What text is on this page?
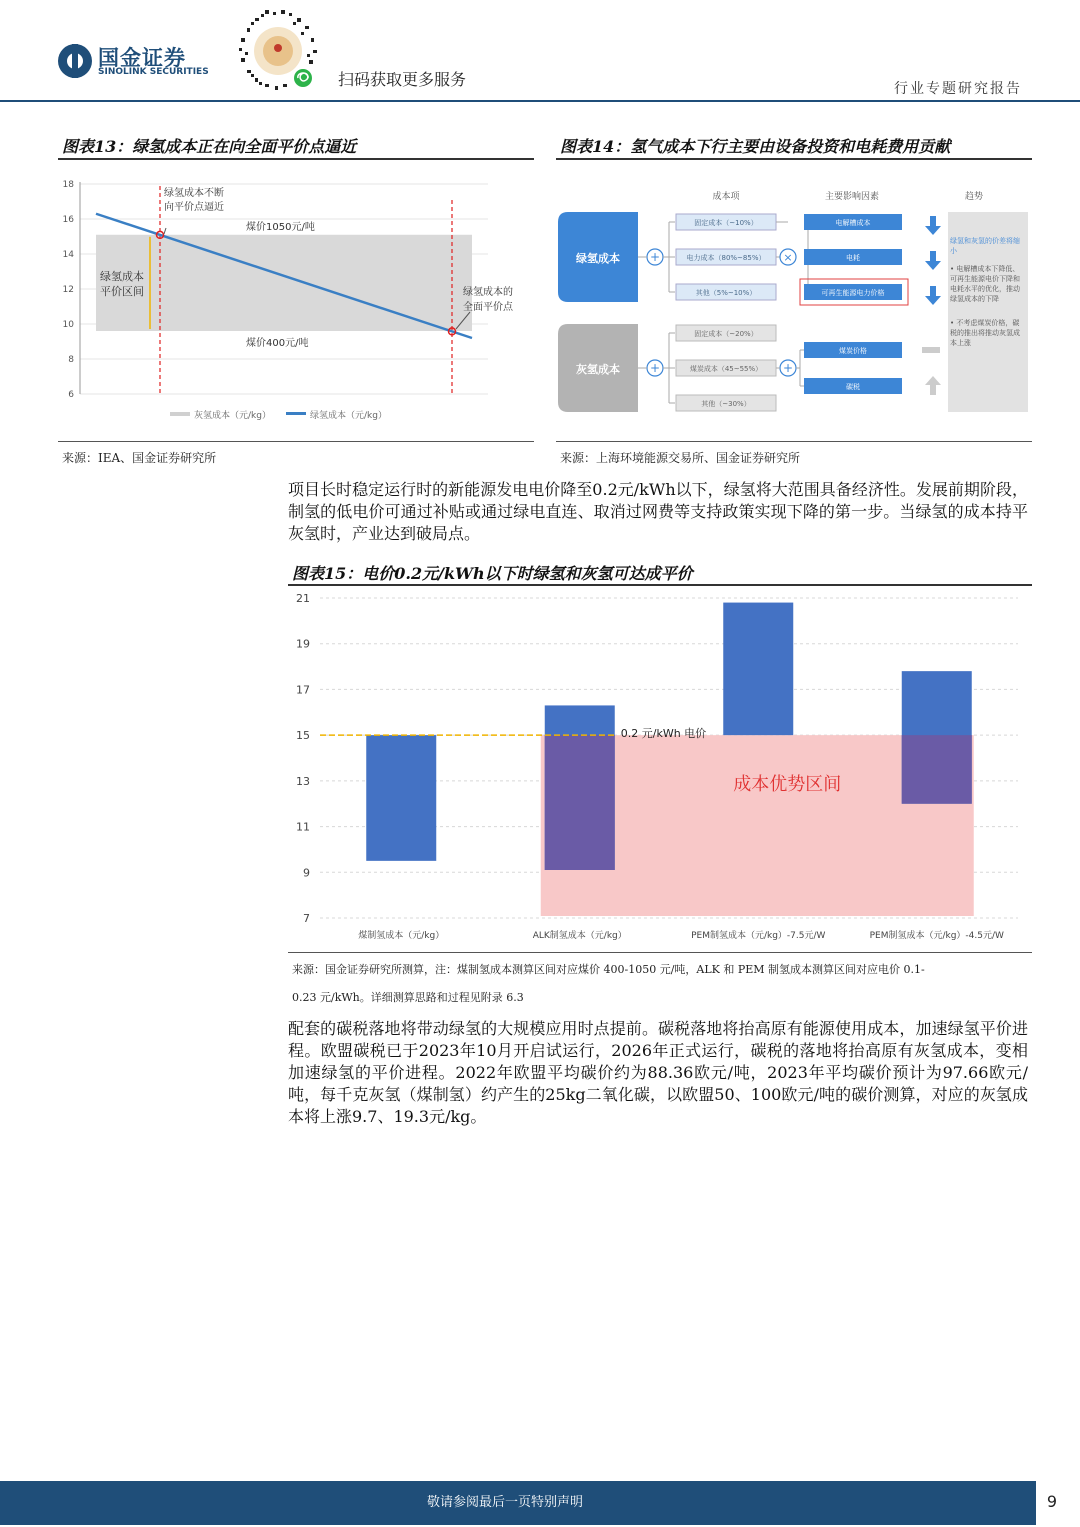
国金证券
SINOLINK SECURITIES	扫码获取更多服务	行业专题研究报告
图表13：绿氢成本正在向全面平价点逼近
18
16
14
12
10
8
6
绿氢成本不断
向平价点逼近
煤价1050元/吨
煤价400元/吨
绿氢成本
平价区间	绿氢成本的
全面平价点
灰氢成本（元/kg）	绿氢成本（元/kg）
来源：IEA、国金证券研究所
图表14：氢气成本下行主要由设备投资和电耗费用贡献
成本项	主要影响因素	趋势
绿氢成本 +
固定成本（~10%）
电力成本（80%~85%）
其他（5%~10%）
×
电解槽成本
电耗
可再生能源电力价格
灰氢成本 +
固定成本（~20%）
煤炭成本（45~55%）
其他（~30%）
+
煤炭价格
碳税
绿氢和灰氢的价差将缩小
• 电解槽成本下降低、可再生能源电价下降和电耗水平的优化，推动绿氢成本的下降
• 不考虑煤炭价格，碳税的推出将推动灰氢成本上涨
来源：上海环境能源交易所、国金证券研究所

项目长时稳定运行时的新能源发电电价降至0.2元/kWh以下，绿氢将大范围具备经济性。发展前期阶段，制氢的低电价可通过补贴或通过绿电直连、取消过网费等支持政策实现下降的第一步。当绿氢的成本持平灰氢时，产业达到破局点。

图表15：电价0.2元/kWh以下时绿氢和灰氢可达成平价
21
19
17
15
13
11
9
7
0.2 元/kWh 电价
成本优势区间
煤制氢成本（元/kg）	ALK制氢成本（元/kg）	PEM制氢成本（元/kg）-7.5元/W	PEM制氢成本（元/kg）-4.5元/W
来源：国金证券研究所测算，注：煤制氢成本测算区间对应煤价 400-1050 元/吨，ALK 和 PEM 制氢成本测算区间对应电价 0.1-
0.23 元/kWh。详细测算思路和过程见附录 6.3

配套的碳税落地将带动绿氢的大规模应用时点提前。碳税落地将抬高原有能源使用成本，加速绿氢平价进程。欧盟碳税已于2023年10月开启试运行，2026年正式运行，碳税的落地将抬高原有灰氢成本，变相加速绿氢的平价进程。2022年欧盟平均碳价约为88.36欧元/吨，2023年平均碳价预计为97.66欧元/吨，每千克灰氢（煤制氢）约产生的25kg二氧化碳，以欧盟50、100欧元/吨的碳价测算，对应的灰氢成本将上涨9.7、19.3元/kg。

敬请参阅最后一页特别声明	9
